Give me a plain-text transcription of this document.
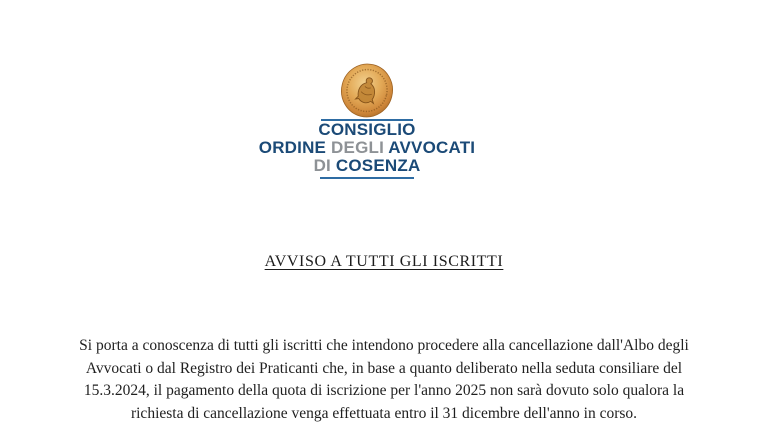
CONSIGLIO
ORDINE DEGLI AVVOCATI
DI COSENZA
AVVISO A TUTTI GLI ISCRITTI
Si porta a conoscenza di tutti gli iscritti che intendono procedere alla cancellazione dall'Albo degli
Avvocati o dal Registro dei Praticanti che, in base a quanto deliberato nella seduta consiliare del
15.3.2024, il pagamento della quota di iscrizione per l'anno 2025 non sarà dovuto solo qualora la
richiesta di cancellazione venga effettuata entro il 31 dicembre dell'anno in corso.
